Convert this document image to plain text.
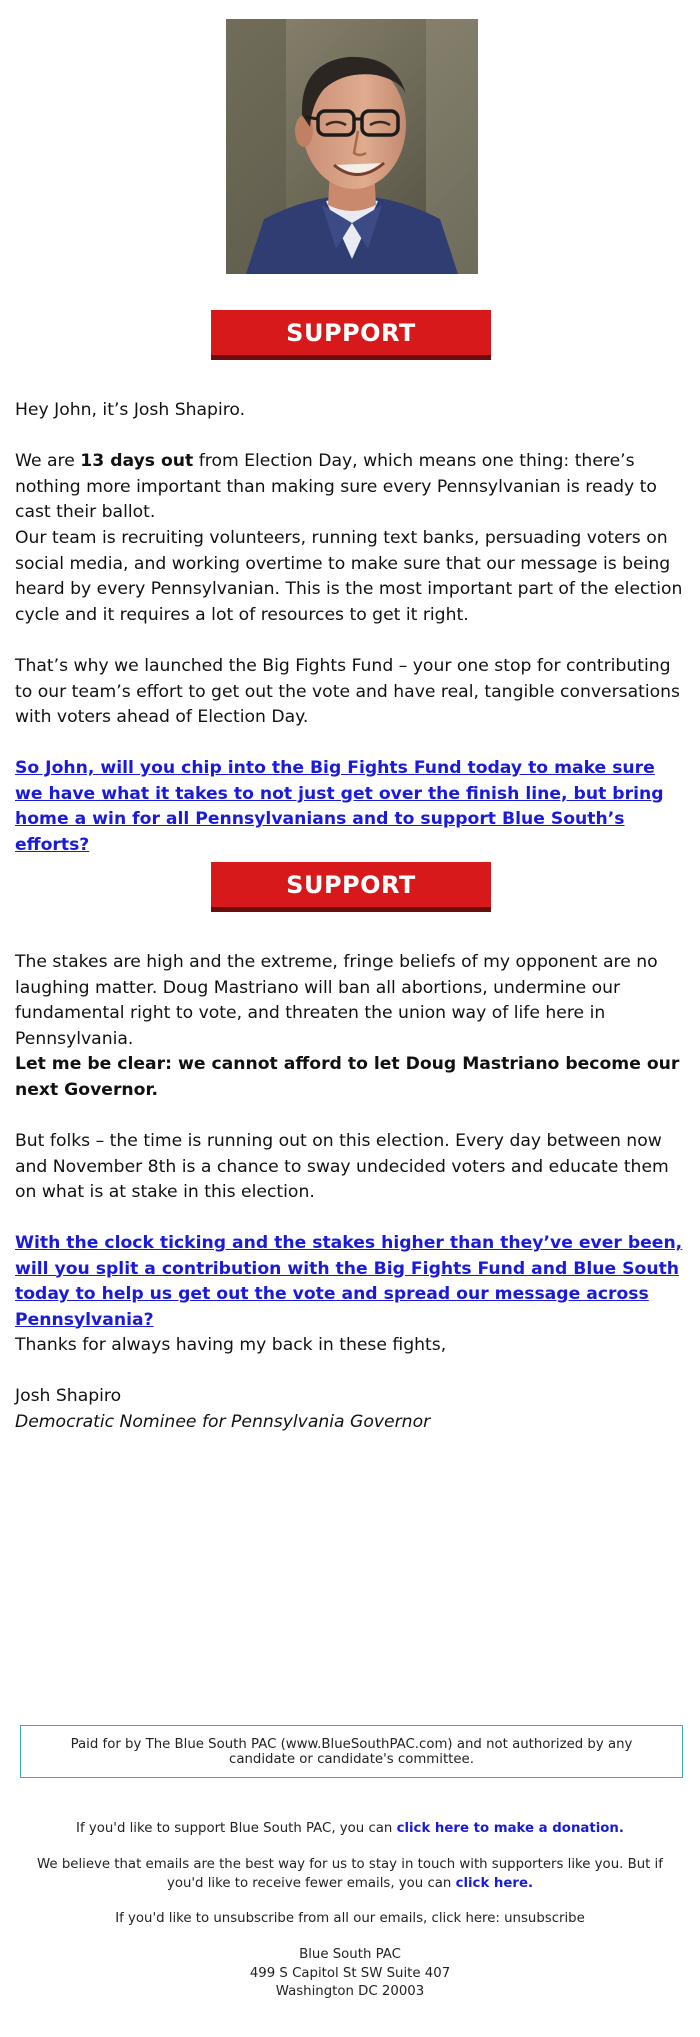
SUPPORT

Hey John, it’s Josh Shapiro.

We are 13 days out from Election Day, which means one thing: there’s nothing more important than making sure every Pennsylvanian is ready to cast their ballot.

Our team is recruiting volunteers, running text banks, persuading voters on social media, and working overtime to make sure that our message is being heard by every Pennsylvanian. This is the most important part of the election cycle and it requires a lot of resources to get it right.

That’s why we launched the Big Fights Fund – your one stop for contributing to our team’s effort to get out the vote and have real, tangible conversations with voters ahead of Election Day.

So John, will you chip into the Big Fights Fund today to make sure we have what it takes to not just get over the finish line, but bring home a win for all Pennsylvanians and to support Blue South’s efforts?

SUPPORT

The stakes are high and the extreme, fringe beliefs of my opponent are no laughing matter. Doug Mastriano will ban all abortions, undermine our fundamental right to vote, and threaten the union way of life here in Pennsylvania.

Let me be clear: we cannot afford to let Doug Mastriano become our next Governor.

But folks – the time is running out on this election. Every day between now and November 8th is a chance to sway undecided voters and educate them on what is at stake in this election.

With the clock ticking and the stakes higher than they’ve ever been, will you split a contribution with the Big Fights Fund and Blue South today to help us get out the vote and spread our message across Pennsylvania?

Thanks for always having my back in these fights,

Josh Shapiro

Democratic Nominee for Pennsylvania Governor

Paid for by The Blue South PAC (www.BlueSouthPAC.com) and not authorized by any candidate or candidate's committee.

If you'd like to support Blue South PAC, you can click here to make a donation.

We believe that emails are the best way for us to stay in touch with supporters like you. But if you'd like to receive fewer emails, you can click here.

If you'd like to unsubscribe from all our emails, click here: unsubscribe

Blue South PAC
499 S Capitol St SW Suite 407
Washington DC 20003
